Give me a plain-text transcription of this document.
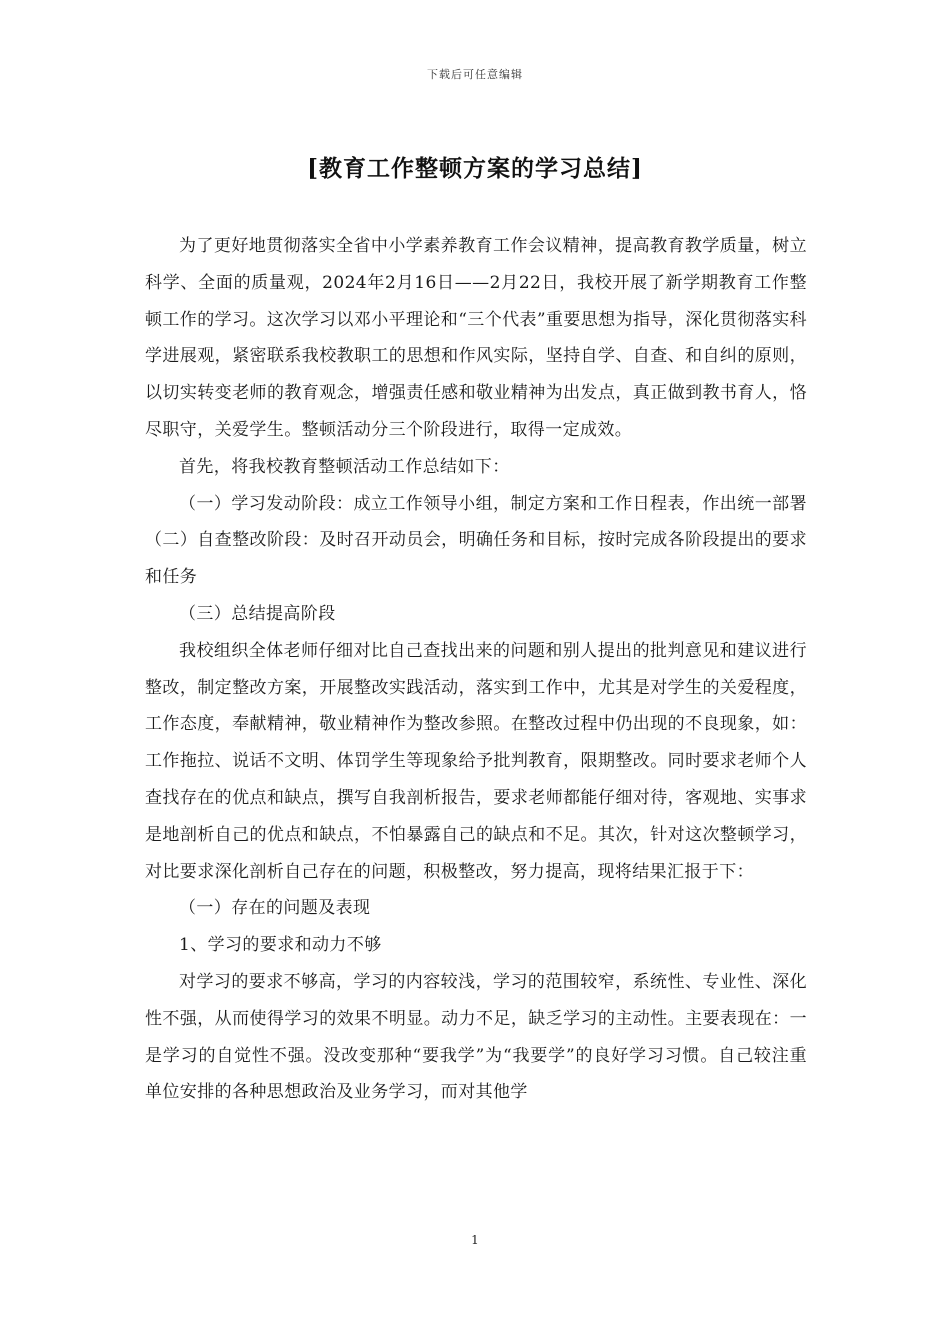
下载后可任意编辑
[教育工作整顿方案的学习总结]

为了更好地贯彻落实全省中小学素养教育工作会议精神，提高教育教学质量，树立科学、全面的质量观，2024年2月16日——2月22日，我校开展了新学期教育工作整顿工作的学习。这次学习以邓小平理论和“三个代表”重要思想为指导，深化贯彻落实科学进展观，紧密联系我校教职工的思想和作风实际，坚持自学、自查、和自纠的原则，以切实转变老师的教育观念，增强责任感和敬业精神为出发点，真正做到教书育人，恪尽职守，关爱学生。整顿活动分三个阶段进行，取得一定成效。

首先，将我校教育整顿活动工作总结如下：

（一）学习发动阶段：成立工作领导小组，制定方案和工作日程表，作出统一部署（二）自查整改阶段：及时召开动员会，明确任务和目标，按时完成各阶段提出的要求和任务

（三）总结提高阶段

我校组织全体老师仔细对比自己查找出来的问题和别人提出的批判意见和建议进行整改，制定整改方案，开展整改实践活动，落实到工作中，尤其是对学生的关爱程度，工作态度，奉献精神，敬业精神作为整改参照。在整改过程中仍出现的不良现象，如：工作拖拉、说话不文明、体罚学生等现象给予批判教育，限期整改。同时要求老师个人查找存在的优点和缺点，撰写自我剖析报告，要求老师都能仔细对待，客观地、实事求是地剖析自己的优点和缺点，不怕暴露自己的缺点和不足。其次，针对这次整顿学习，对比要求深化剖析自己存在的问题，积极整改，努力提高，现将结果汇报于下：

（一）存在的问题及表现

1、学习的要求和动力不够

对学习的要求不够高，学习的内容较浅，学习的范围较窄，系统性、专业性、深化性不强，从而使得学习的效果不明显。动力不足，缺乏学习的主动性。主要表现在：一是学习的自觉性不强。没改变那种“要我学”为“我要学”的良好学习习惯。自己较注重单位安排的各种思想政治及业务学习，而对其他学

1
